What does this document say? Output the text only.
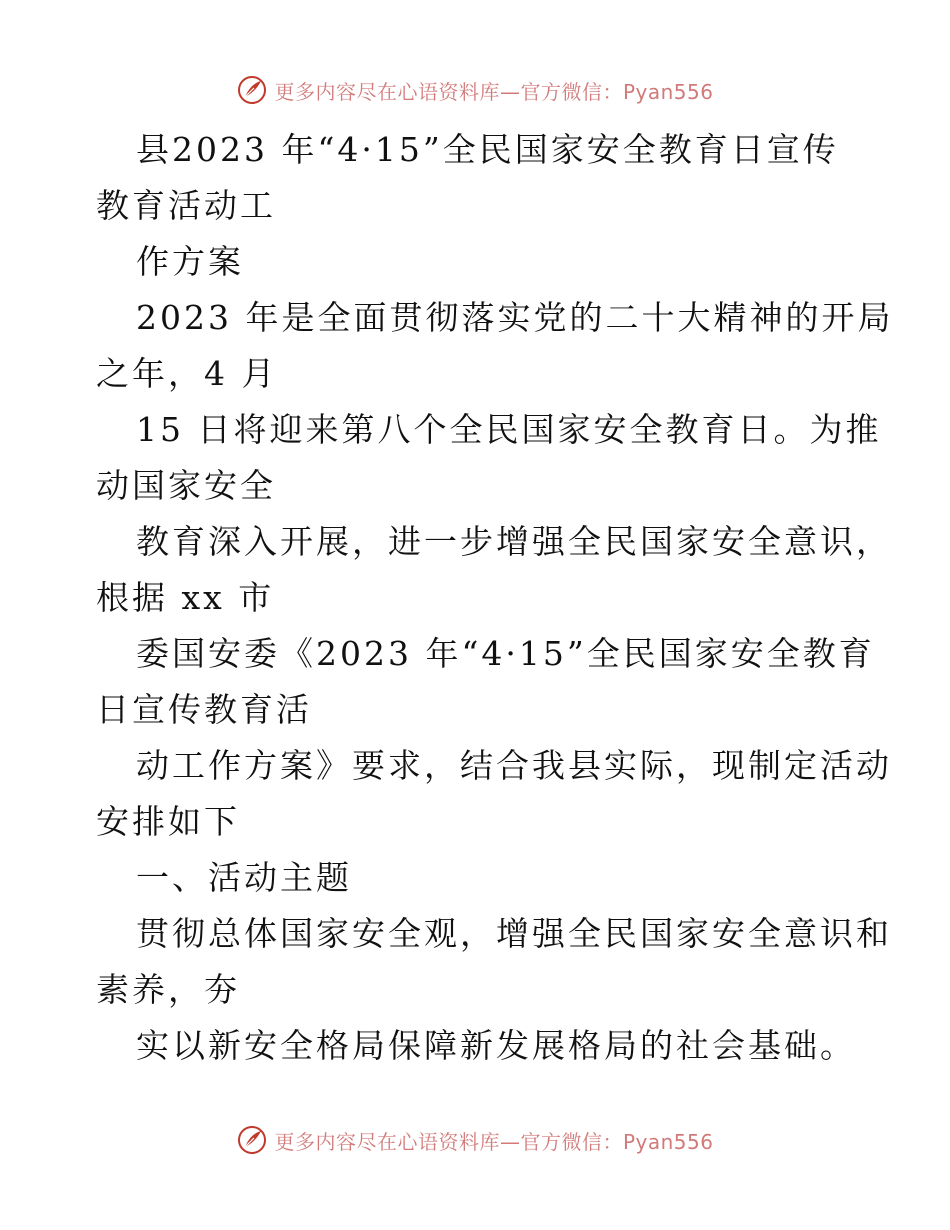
更多内容尽在心语资料库—官方微信：Pyan556
县2023 年“4·15”全民国家安全教育日宣传
教育活动工
作方案
2023 年是全面贯彻落实党的二十大精神的开局
之年，4 月
15 日将迎来第八个全民国家安全教育日。为推
动国家安全
教育深入开展，进一步增强全民国家安全意识，
根据 xx 市
委国安委《2023 年“4·15”全民国家安全教育
日宣传教育活
动工作方案》要求，结合我县实际，现制定活动
安排如下
一、活动主题
贯彻总体国家安全观，增强全民国家安全意识和
素养，夯
实以新安全格局保障新发展格局的社会基础。
更多内容尽在心语资料库—官方微信：Pyan556
